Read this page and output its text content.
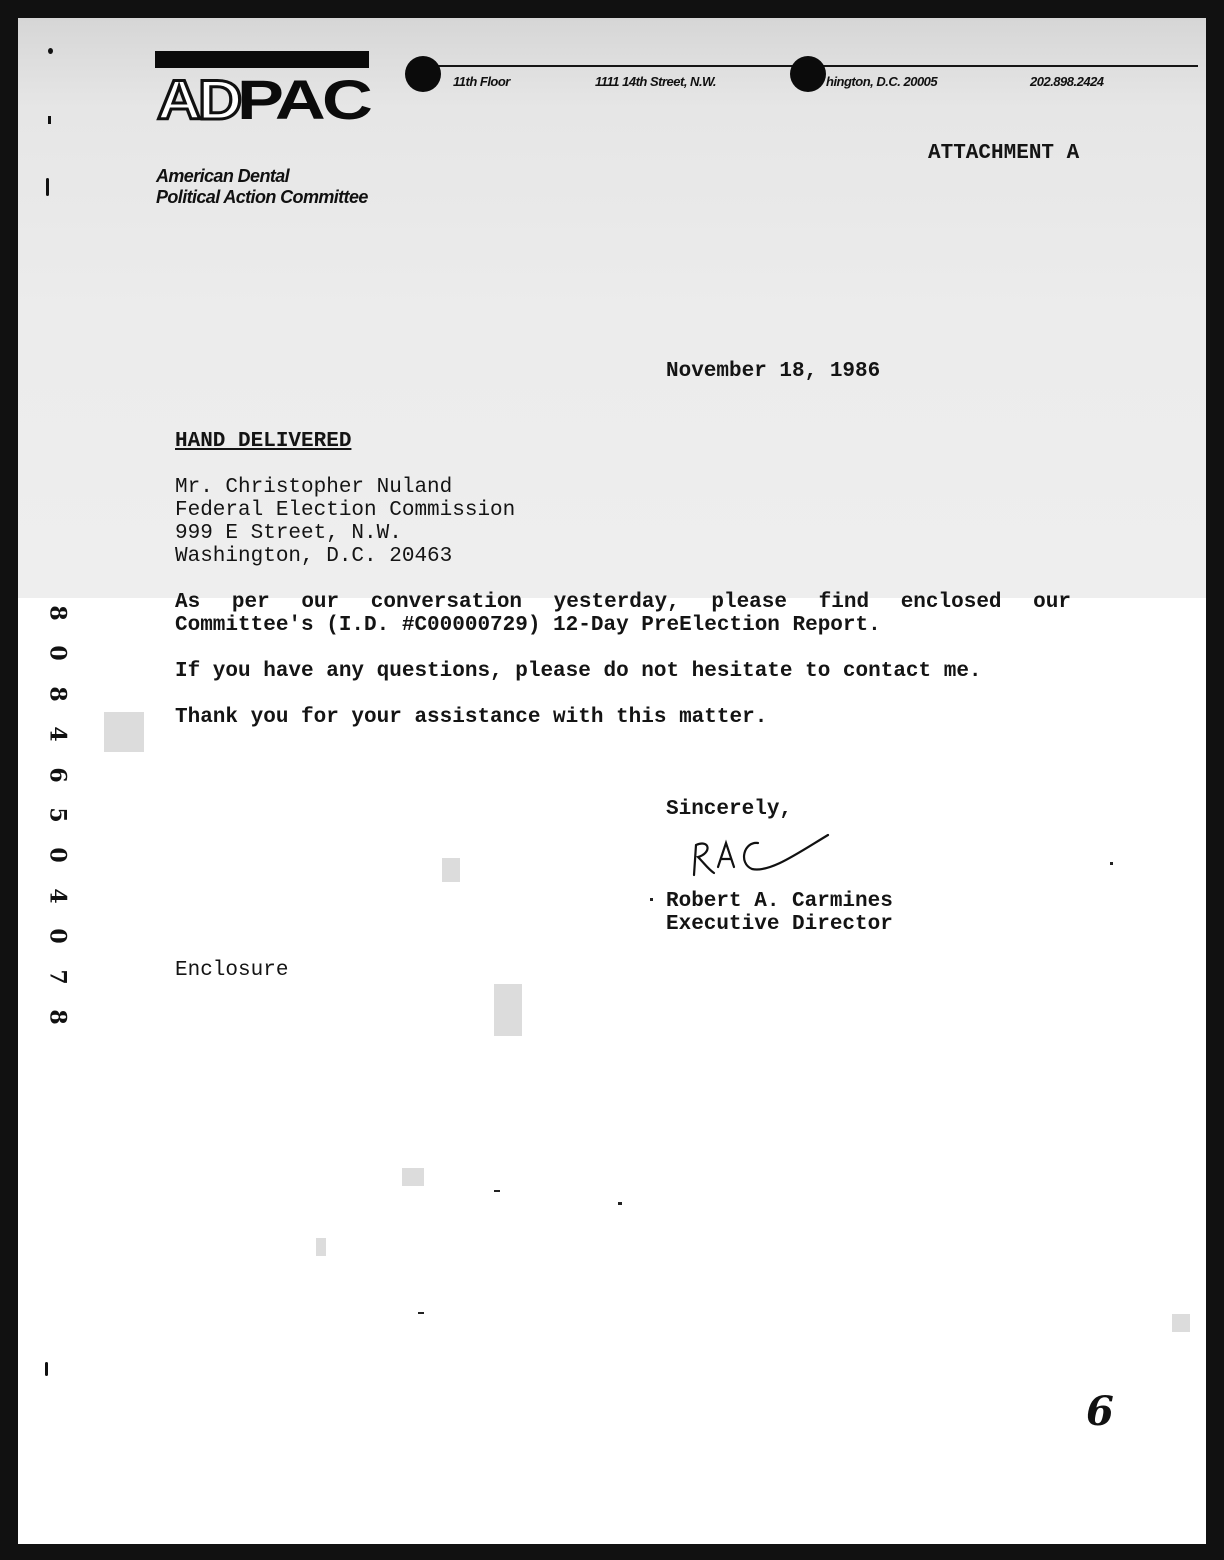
AD
PAC	11th Floor	1111 14th Street, N.W.	hington, D.C. 20005	202.898.2424
American Dental
Political Action Committee
ATTACHMENT A
November 18, 1986
HAND DELIVERED
Mr. Christopher Nuland
Federal Election Commission
999 E Street, N.W.
Washington, D.C. 20463
As per our conversation yesterday, please find enclosed our
Committee's (I.D. #C00000729) 12-Day PreElection Report.
If you have any questions, please do not hesitate to contact me.
Thank you for your assistance with this matter.
Sincerely,
Robert A. Carmines
Executive Director
Enclosure
8
0
8
4
6
5
0
4
0
7
8
6
